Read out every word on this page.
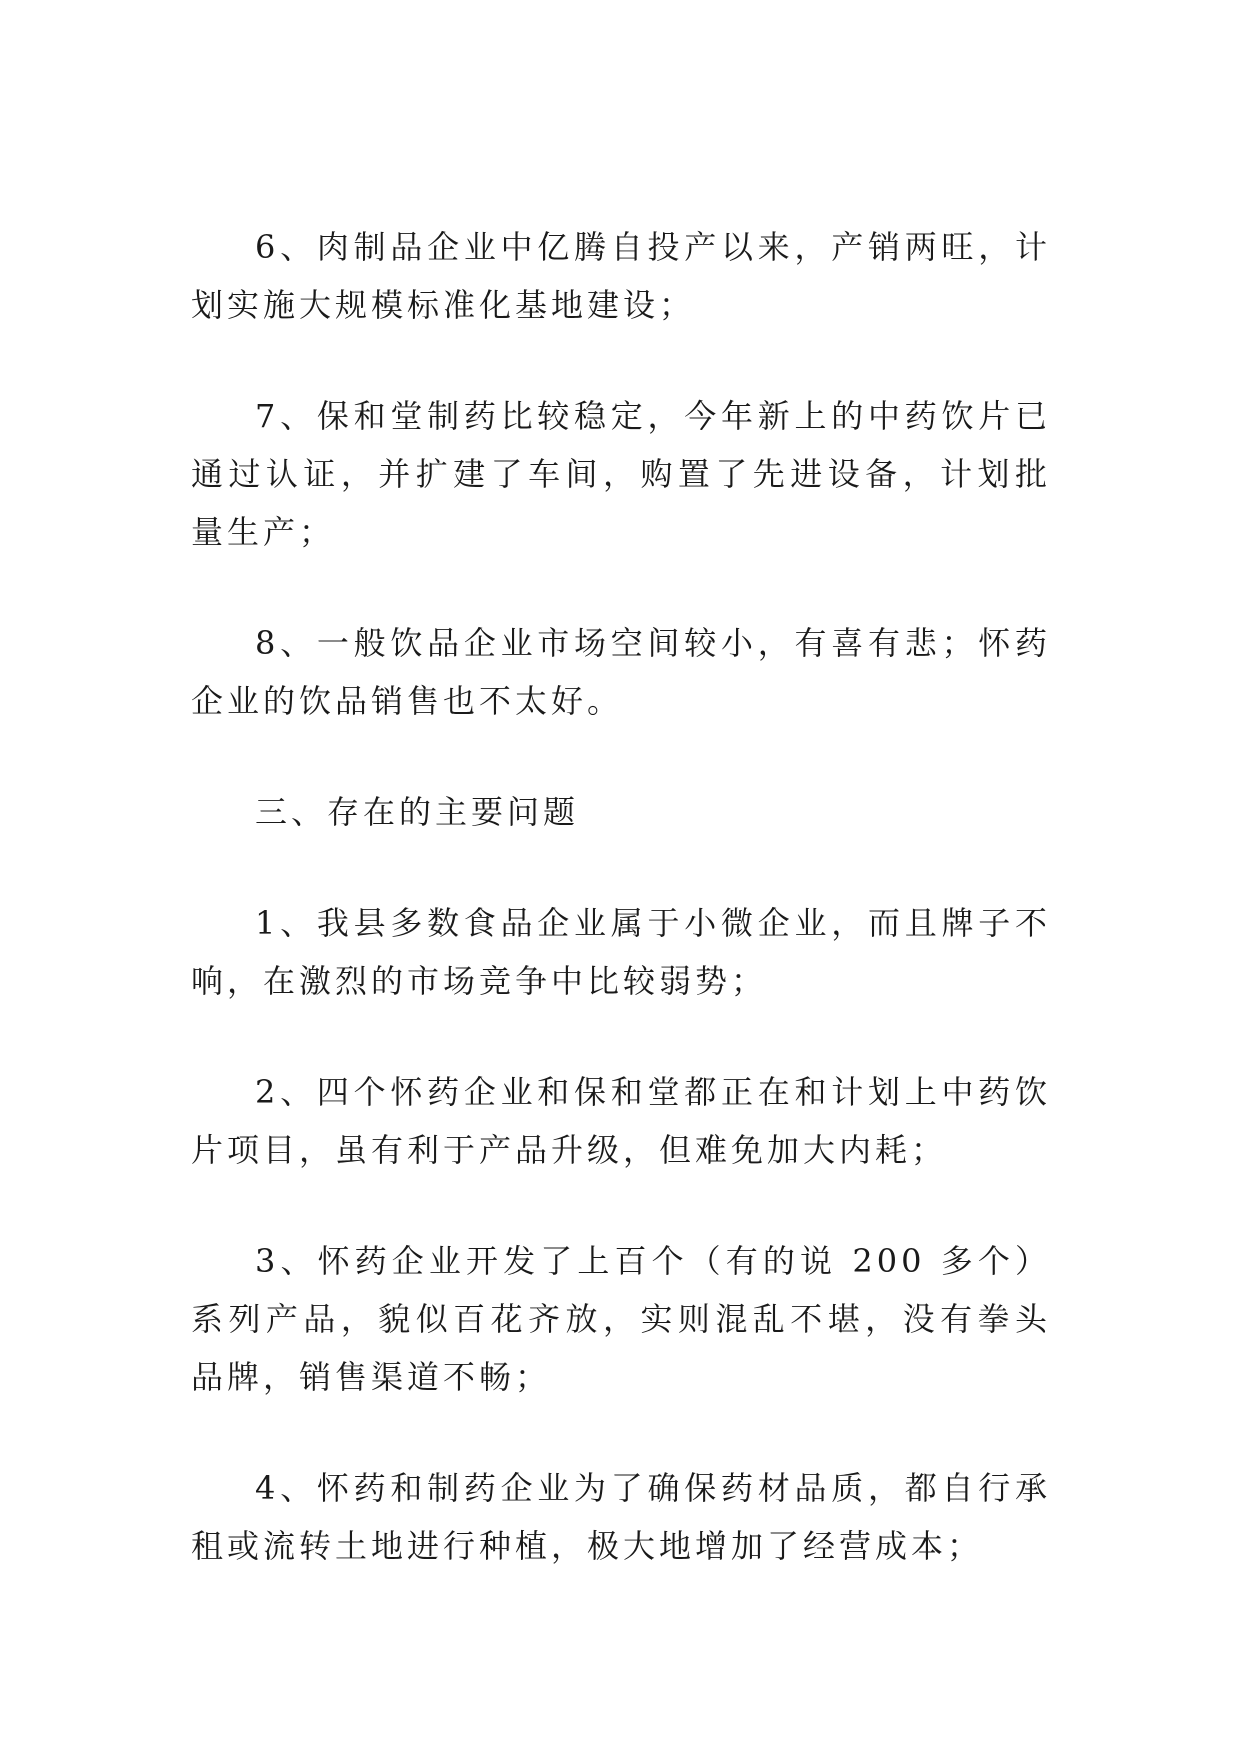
6、肉制品企业中亿腾自投产以来，产销两旺，计划实施大规模标准化基地建设；

7、保和堂制药比较稳定，今年新上的中药饮片已通过认证，并扩建了车间，购置了先进设备，计划批量生产；

8、一般饮品企业市场空间较小，有喜有悲；怀药企业的饮品销售也不太好。

三、存在的主要问题

1、我县多数食品企业属于小微企业，而且牌子不响，在激烈的市场竞争中比较弱势；

2、四个怀药企业和保和堂都正在和计划上中药饮片项目，虽有利于产品升级，但难免加大内耗；

3、怀药企业开发了上百个（有的说 200 多个）系列产品，貌似百花齐放，实则混乱不堪，没有拳头品牌，销售渠道不畅；

4、怀药和制药企业为了确保药材品质，都自行承租或流转土地进行种植，极大地增加了经营成本；
